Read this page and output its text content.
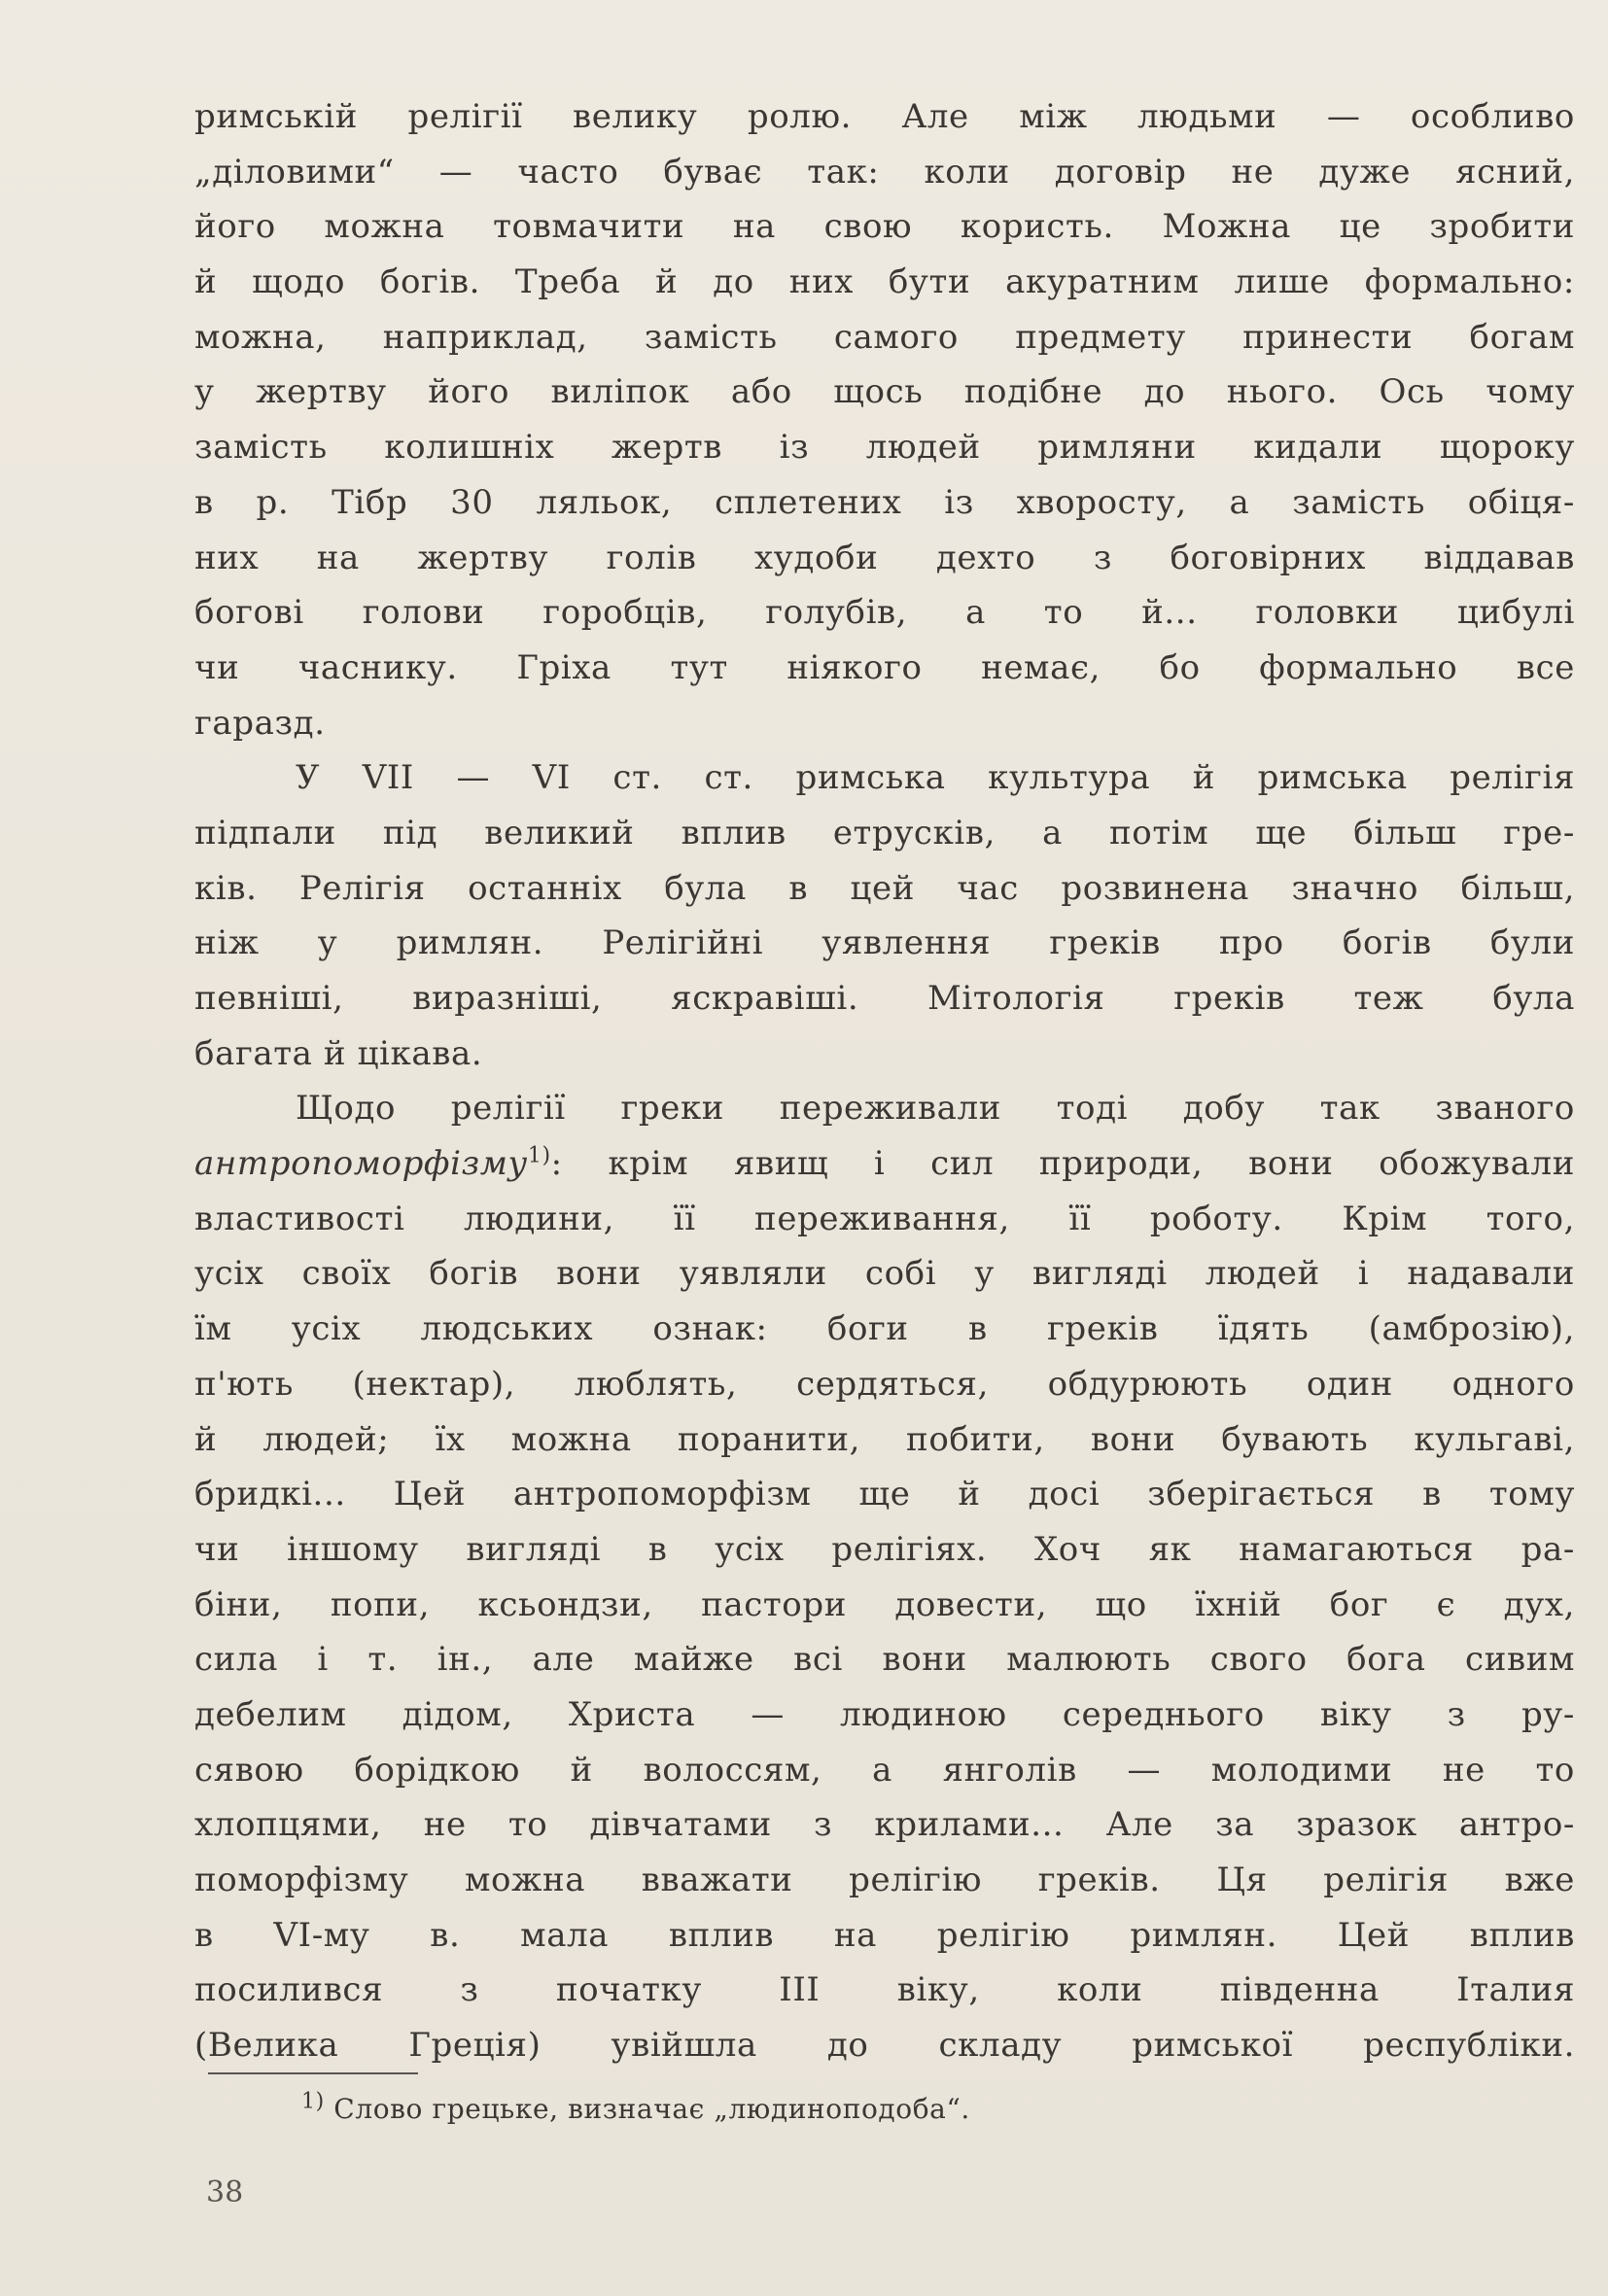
римській релігії велику ролю. Але між людьми — особливо
„діловими“ — часто буває так: коли договір не дуже ясний,
його можна товмачити на свою користь. Можна це зробити
й щодо богів. Треба й до них бути акуратним лише формально:
можна, наприклад, замість самого предмету принести богам
у жертву його виліпок або щось подібне до нього. Ось чому
замість колишніх жертв із людей римляни кидали щороку
в р. Тібр 30 ляльок, сплетених із хворосту, а замість обіця-
них на жертву голів худоби дехто з боговірних віддавав
богові голови горобців, голубів, а то й... головки цибулі
чи часнику. Гріха тут ніякого немає, бо формально все
гаразд.
У VII — VI ст. ст. римська культура й римська релігія
підпали під великий вплив етрусків, а потім ще більш гре-
ків. Релігія останніх була в цей час розвинена значно більш,
ніж у римлян. Релігійні уявлення греків про богів були
певніші, виразніші, яскравіші. Мітологія греків теж була
багата й цікава.
Щодо релігії греки переживали тоді добу так званого
антропоморфізму$^{1)}$: крім явищ і сил природи, вони обожували
властивості людини, її переживання, її роботу. Крім того,
усіх своїх богів вони уявляли собі у вигляді людей і надавали
їм усіх людських ознак: боги в греків їдять (амброзію),
п'ють (нектар), люблять, сердяться, обдурюють один одного
й людей; їх можна поранити, побити, вони бувають кульгаві,
бридкі... Цей антропоморфізм ще й досі зберігається в тому
чи іншому вигляді в усіх релігіях. Хоч як намагаються ра-
біни, попи, ксьондзи, пастори довести, що їхній бог є дух,
сила і т. ін., але майже всі вони малюють свого бога сивим
дебелим дідом, Христа — людиною середнього віку з ру-
сявою борідкою й волоссям, а янголів — молодими не то
хлопцями, не то дівчатами з крилами... Але за зразок антро-
поморфізму можна вважати релігію греків. Ця релігія вже
в VI-му в. мала вплив на релігію римлян. Цей вплив
посилився з початку III віку, коли південна Італия
(Велика Греція) увійшла до складу римської республіки.
$^{1)}$ Слово грецьке, визначає „людиноподоба“.
38
